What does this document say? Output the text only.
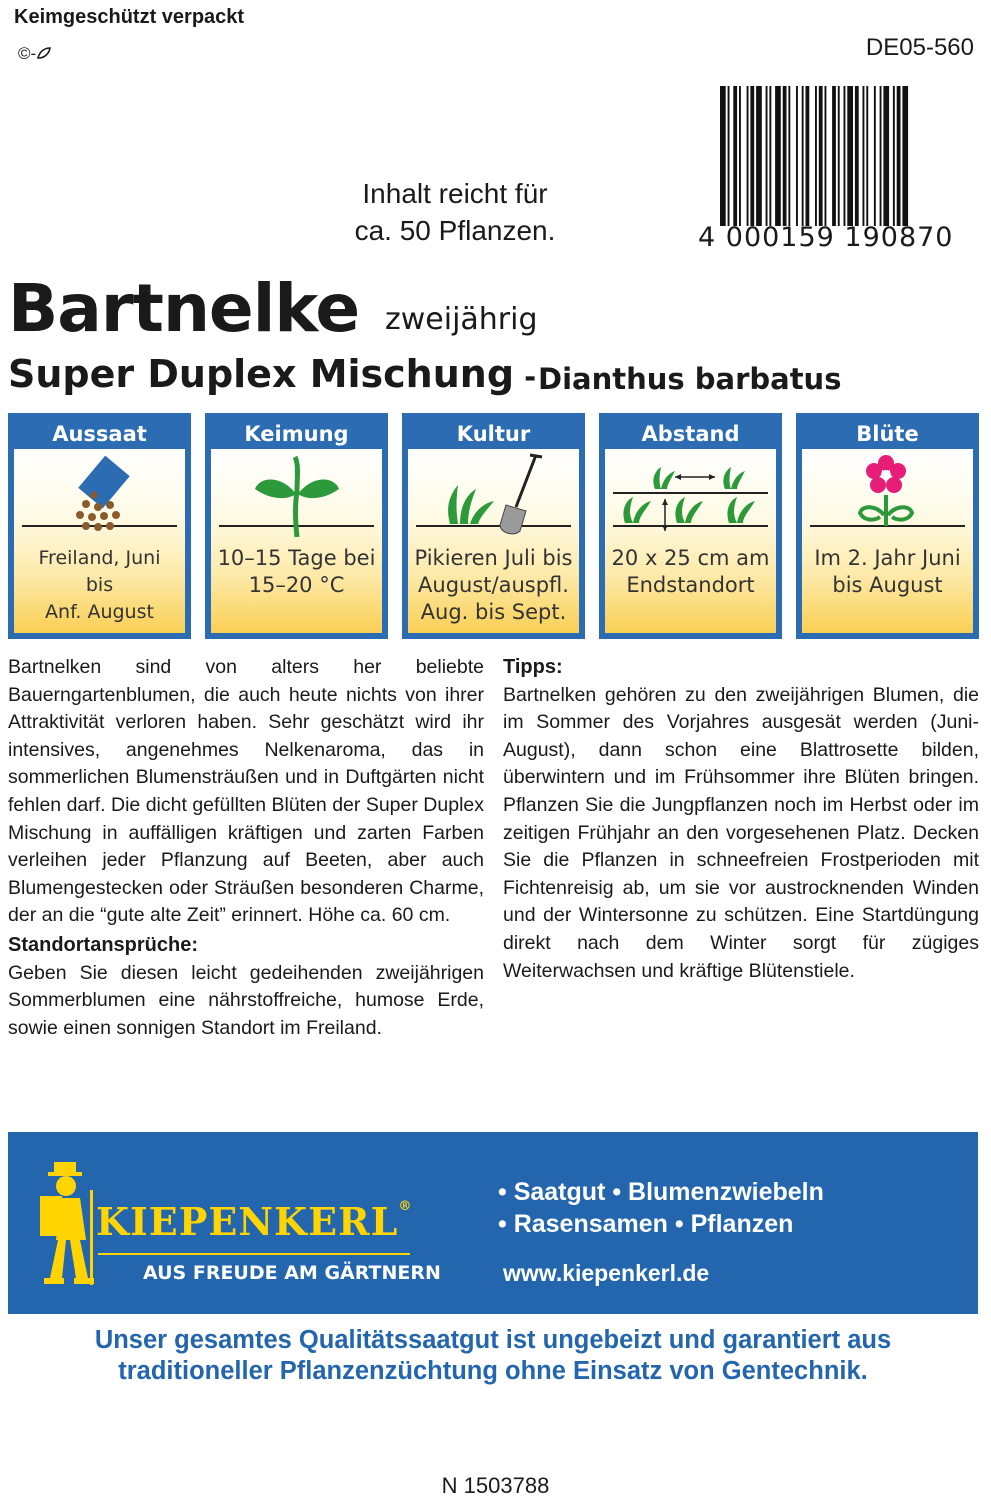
Keimgeschützt verpackt
©-	DE05-560
4 000159 190870
Inhalt reicht für
ca. 50 Pflanzen.
Bartnelke zweijährig
Super Duplex Mischung - Dianthus barbatus
Aussaat
Freiland, Juni
bis
Anf. August
Keimung
10–15 Tage bei
15–20 °C
Kultur
Pikieren Juli bis
August/auspfl.
Aug. bis Sept.
Abstand
20 x 25 cm am
Endstandort
Blüte
Im 2. Jahr Juni
bis August

Bartnelken sind von alters her beliebte Bauerngartenblumen, die auch heute nichts von ihrer Attraktivität verloren haben. Sehr geschätzt wird ihr intensives, angenehmes Nelkenaroma, das in sommerlichen Blumensträußen und in Duftgärten nicht fehlen darf. Die dicht gefüllten Blüten der Super Duplex Mischung in auffälligen kräftigen und zarten Farben verleihen jeder Pflanzung auf Beeten, aber auch Blumengestecken oder Sträußen besonderen Charme, der an die “gute alte Zeit” erinnert. Höhe ca. 60 cm.

Standortansprüche:

Geben Sie diesen leicht gedeihenden zweijährigen Sommerblumen eine nährstoffreiche, humose Erde, sowie einen sonnigen Standort im Freiland.

Tipps:

Bartnelken gehören zu den zweijährigen Blumen, die im Sommer des Vorjahres ausgesät werden (Juni-August), dann schon eine Blattrosette bilden, überwintern und im Frühsommer ihre Blüten bringen. Pflanzen Sie die Jungpflanzen noch im Herbst oder im zeitigen Frühjahr an den vorgesehenen Platz. Decken Sie die Pflanzen in schneefreien Frostperioden mit Fichtenreisig ab, um sie vor austrocknenden Winden und der Wintersonne zu schützen. Eine Startdüngung direkt nach dem Winter sorgt für zügiges Weiterwachsen und kräftige Blütenstiele.

KIEPENKERL®
AUS FREUDE AM GÄRTNERN
• Saatgut • Blumenzwiebeln
• Rasensamen • Pflanzen
www.kiepenkerl.de
Unser gesamtes Qualitätssaatgut ist ungebeizt und garantiert aus
traditioneller Pflanzenzüchtung ohne Einsatz von Gentechnik.
N 1503788
